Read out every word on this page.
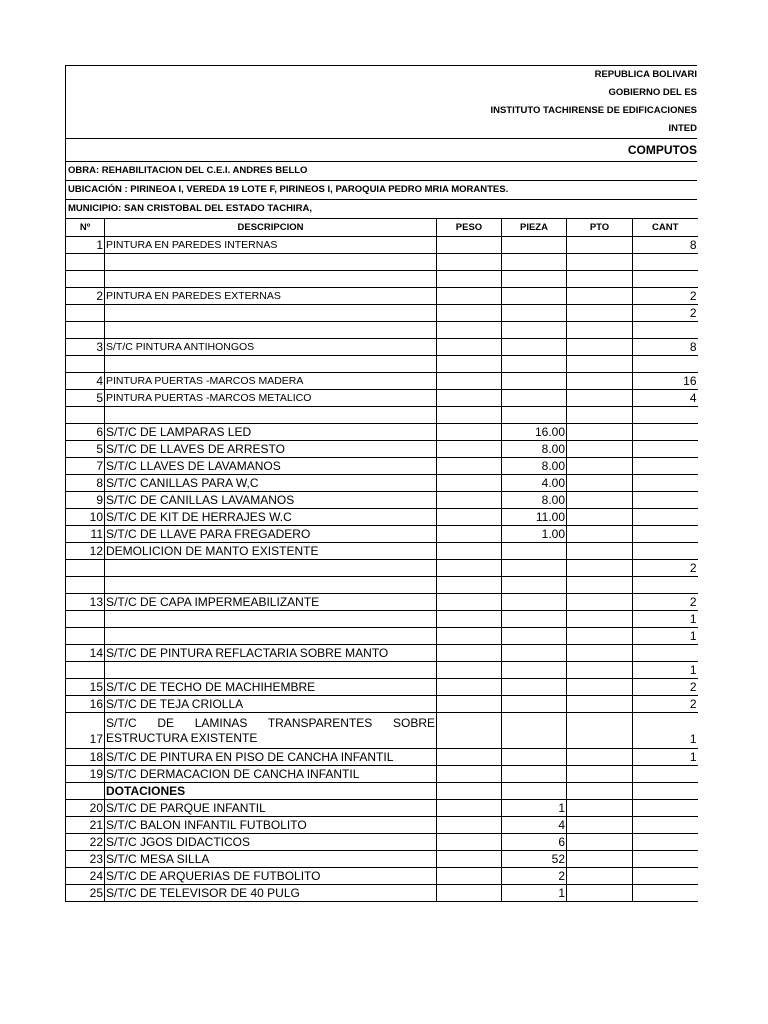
REPUBLICA BOLIVARI
GOBIERNO DEL ES
INSTITUTO TACHIRENSE DE EDIFICACIONES
INTED
COMPUTOS
OBRA: REHABILITACION DEL C.E.I. ANDRES BELLO
UBICACIÓN : PIRINEOA I, VEREDA 19 LOTE F, PIRINEOS I, PAROQUIA PEDRO MRIA MORANTES.
MUNICIPIO: SAN CRISTOBAL DEL ESTADO TACHIRA,
Nº	DESCRIPCION	PESO	PIEZA	PTO	CANT
1	PINTURA EN PAREDES INTERNAS				8

2	PINTURA EN PAREDES EXTERNAS				2
					2

3	S/T/C PINTURA ANTIHONGOS				8

4	PINTURA PUERTAS -MARCOS MADERA				16
5	PINTURA PUERTAS -MARCOS METALICO				4

6	S/T/C DE LAMPARAS LED		16.00		
5	S/T/C DE LLAVES DE ARRESTO		8.00		
7	S/T/C LLAVES DE LAVAMANOS		8.00		
8	S/T/C CANILLAS PARA W,C		4.00		
9	S/T/C DE CANILLAS LAVAMANOS		8.00		
10	S/T/C DE KIT DE HERRAJES W.C		11.00		
11	S/T/C DE LLAVE PARA FREGADERO		1.00		
12	DEMOLICION DE MANTO EXISTENTE				
					2

13	S/T/C DE CAPA IMPERMEABILIZANTE				2
					1
					1
14	S/T/C DE PINTURA REFLACTARIA SOBRE MANTO				
					1
15	S/T/C DE TECHO DE MACHIHEMBRE				2
16	S/T/C DE TEJA CRIOLLA				2
17	S/T/C DE LAMINAS TRANSPARENTES SOBRE ESTRUCTURA EXISTENTE				1
18	S/T/C DE PINTURA EN PISO DE CANCHA INFANTIL				1
19	S/T/C DERMACACION DE CANCHA INFANTIL				
	DOTACIONES				
20	S/T/C DE PARQUE INFANTIL		1		
21	S/T/C BALON INFANTIL FUTBOLITO		4		
22	S/T/C JGOS DIDACTICOS		6		
23	S/T/C MESA SILLA		52		
24	S/T/C DE ARQUERIAS DE FUTBOLITO		2		
25	S/T/C DE TELEVISOR DE 40 PULG		1		
